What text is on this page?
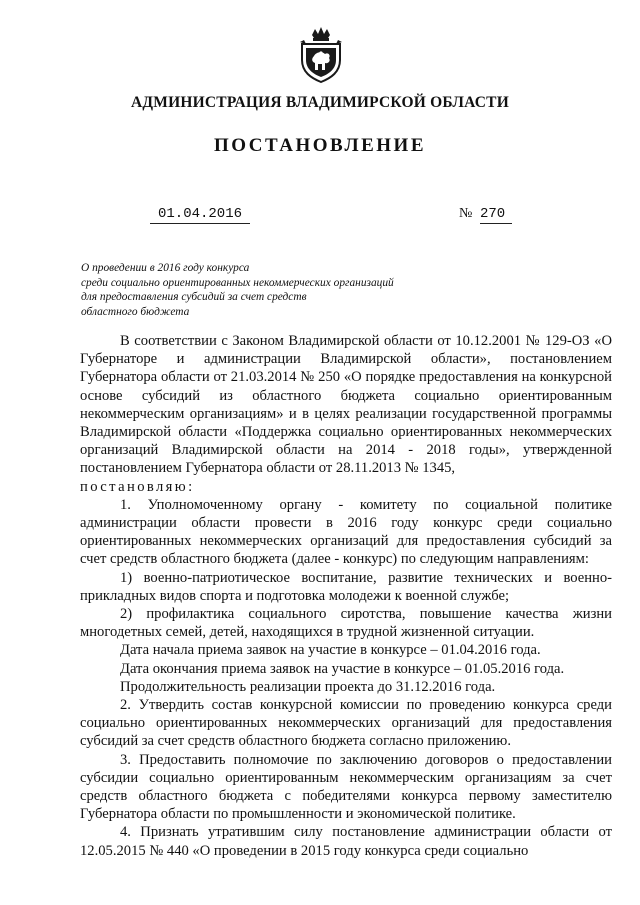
АДМИНИСТРАЦИЯ ВЛАДИМИРСКОЙ ОБЛАСТИ
ПОСТАНОВЛЕНИЕ
01.04.2016	№ 270
О проведении в 2016 году конкурса
среди социально ориентированных некоммерческих организаций
для предоставления субсидий за счет средств
областного бюджета

В соответствии с Законом Владимирской области от 10.12.2001 № 129-ОЗ «О Губернаторе и администрации Владимирской области», постановлением Губернатора области от 21.03.2014 № 250 «О порядке предоставления на конкурсной основе субсидий из областного бюджета социально ориентированным некоммерческим организациям» и в целях реализации государственной программы Владимирской области «Поддержка социально ориентированных некоммерческих организаций Владимирской области на 2014 - 2018 годы», утвержденной постановлением Губернатора области от 28.11.2013 № 1345,

постановляю:

1. Уполномоченному органу - комитету по социальной политике администрации области провести в 2016 году конкурс среди социально ориентированных некоммерческих организаций для предоставления субсидий за счет средств областного бюджета (далее - конкурс) по следующим направлениям:

1) военно-патриотическое воспитание, развитие технических и военно-прикладных видов спорта и подготовка молодежи к военной службе;

2) профилактика социального сиротства, повышение качества жизни многодетных семей, детей, находящихся в трудной жизненной ситуации.

Дата начала приема заявок на участие в конкурсе – 01.04.2016 года.

Дата окончания приема заявок на участие в конкурсе – 01.05.2016 года.

Продолжительность реализации проекта до 31.12.2016 года.

2. Утвердить состав конкурсной комиссии по проведению конкурса среди социально ориентированных некоммерческих организаций для предоставления субсидий за счет средств областного бюджета согласно приложению.

3. Предоставить полномочие по заключению договоров о предоставлении субсидии социально ориентированным некоммерческим организациям за счет средств областного бюджета с победителями конкурса первому заместителю Губернатора области по промышленности и экономической политике.

4. Признать утратившим силу постановление администрации области от 12.05.2015 № 440 «О проведении в 2015 году конкурса среди социально
